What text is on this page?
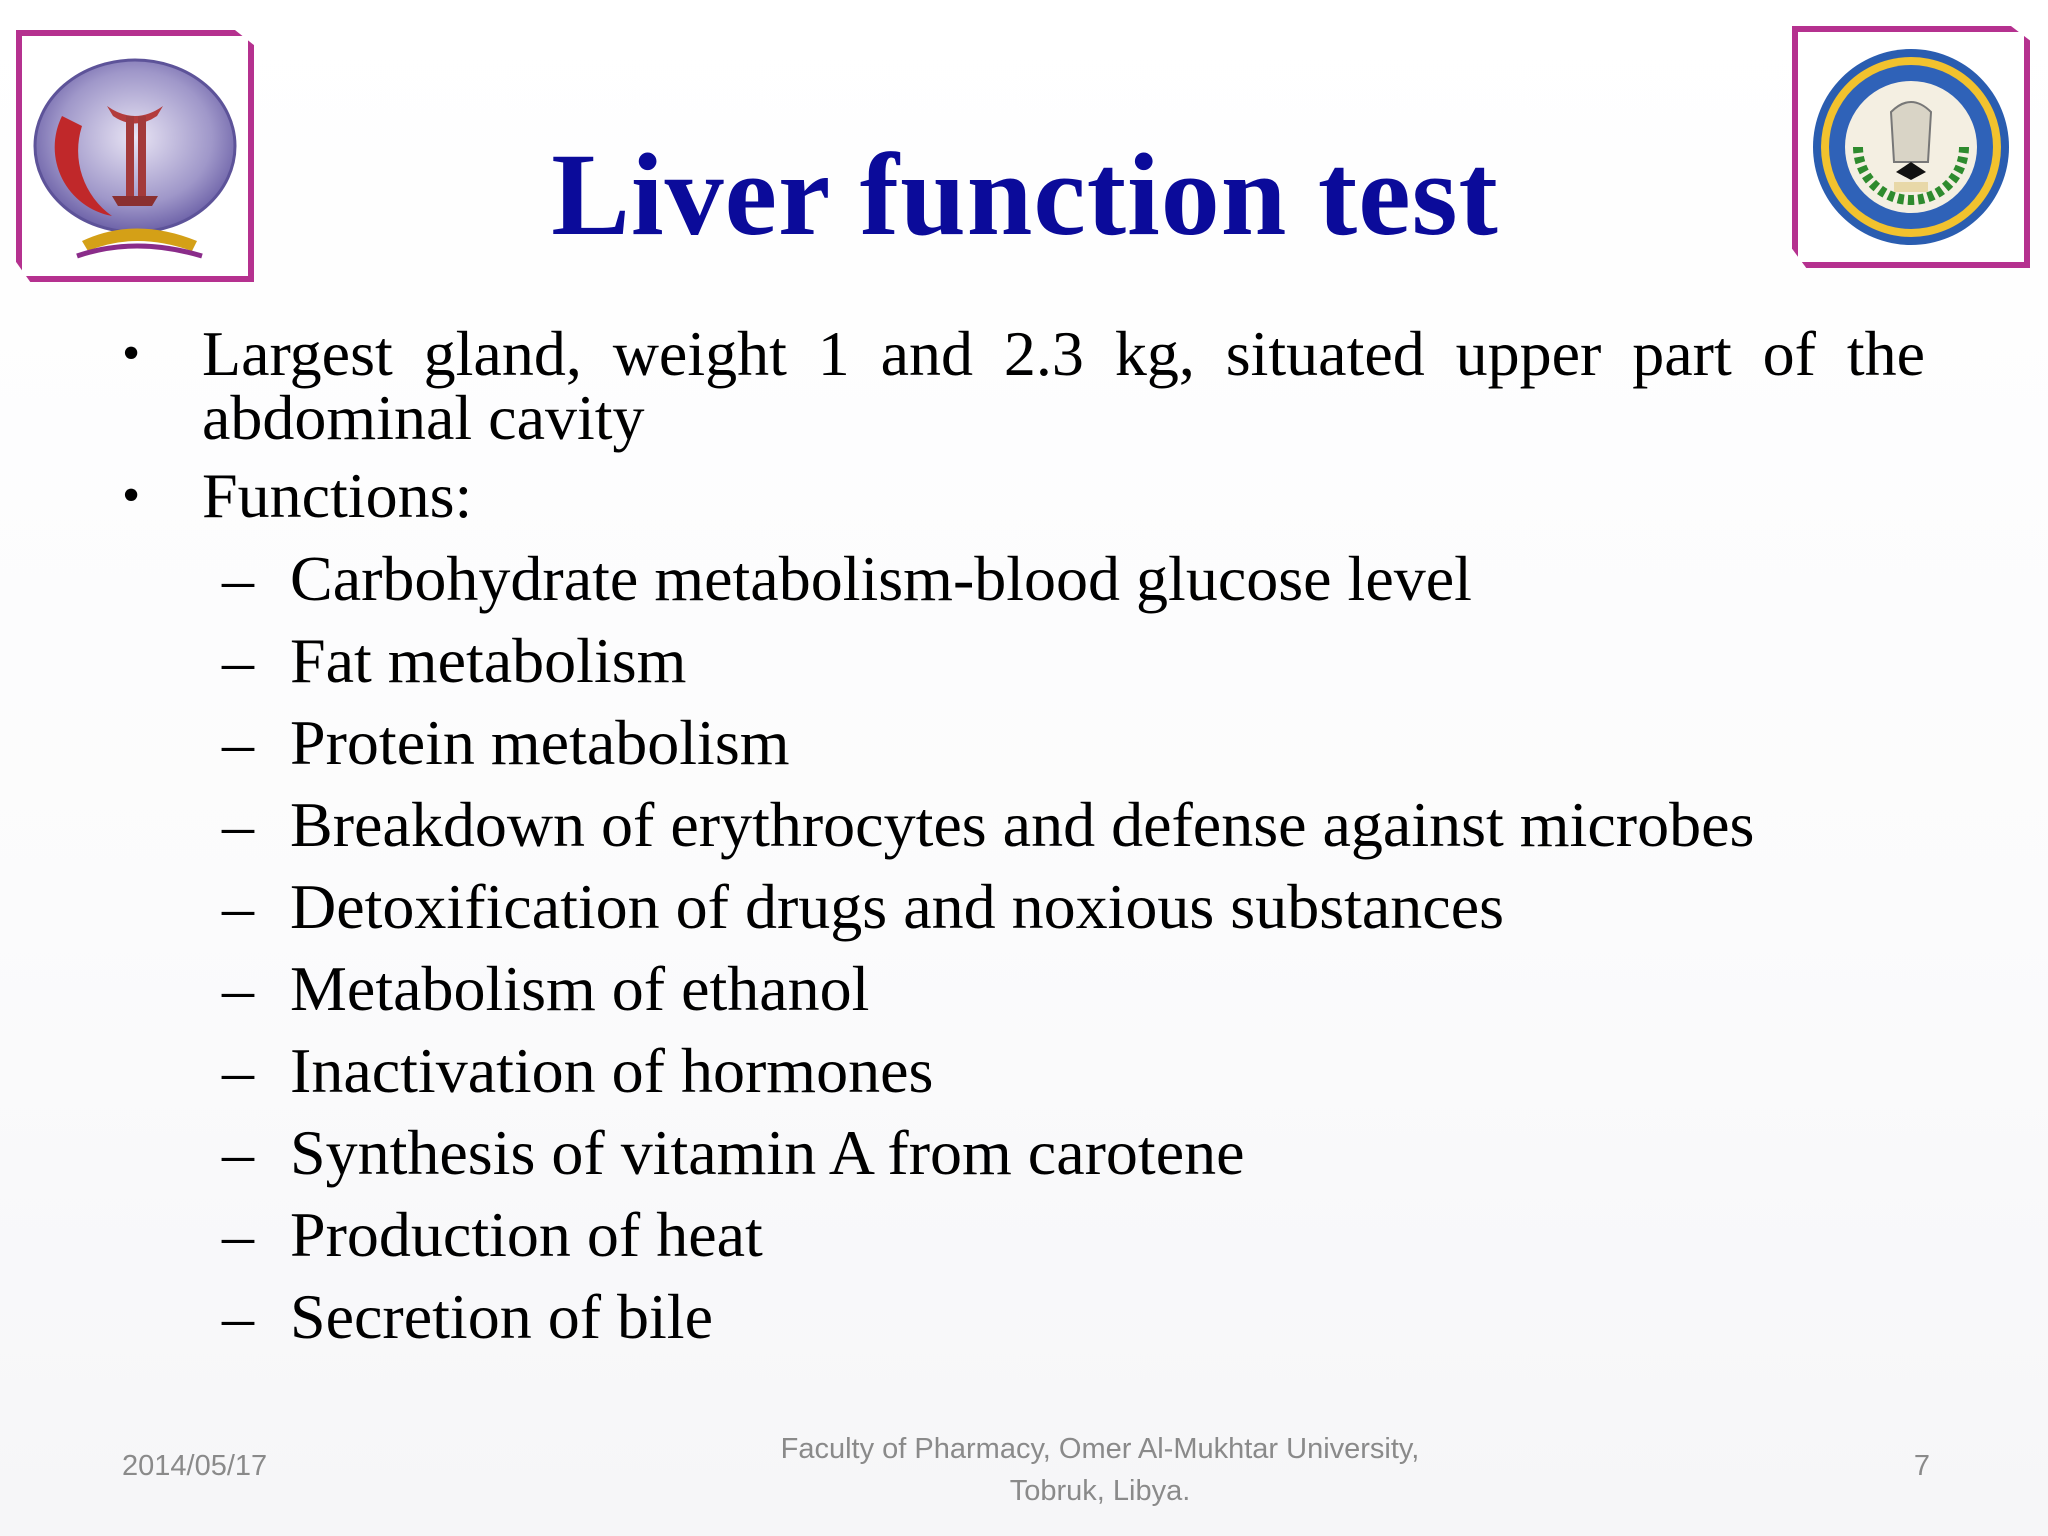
Liver function test
• Largest gland, weight 1 and 2.3 kg, situated upper part of the abdominal cavity
• Functions:
– Carbohydrate metabolism-blood glucose level
– Fat metabolism
– Protein metabolism
– Breakdown of erythrocytes and defense against microbes
– Detoxification of drugs and noxious substances
– Metabolism of ethanol
– Inactivation of hormones
– Synthesis of vitamin A from carotene
– Production of heat
– Secretion of bile
2014/05/17
Faculty of Pharmacy, Omer Al-Mukhtar University,
Tobruk, Libya.
7
